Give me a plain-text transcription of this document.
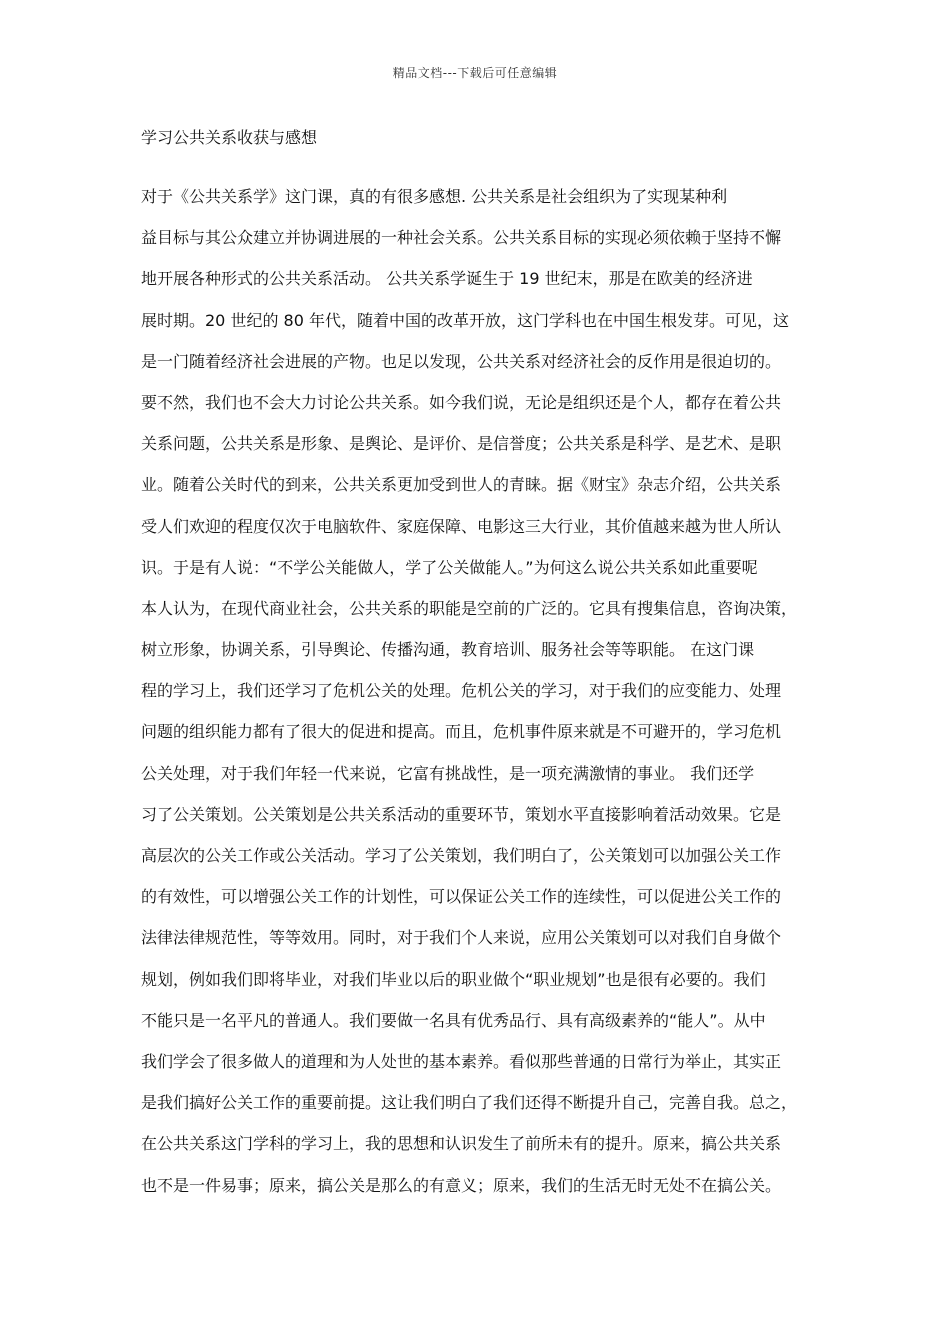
精品文档---下载后可任意编辑
学习公共关系收获与感想
对于《公共关系学》这门课，真的有很多感想. 公共关系是社会组织为了实现某种利
益目标与其公众建立并协调进展的一种社会关系。公共关系目标的实现必须依赖于坚持不懈
地开展各种形式的公共关系活动。 公共关系学诞生于 19 世纪末，那是在欧美的经济进
展时期。20 世纪的 80 年代，随着中国的改革开放，这门学科也在中国生根发芽。可见，这
是一门随着经济社会进展的产物。也足以发现，公共关系对经济社会的反作用是很迫切的。
要不然，我们也不会大力讨论公共关系。如今我们说，无论是组织还是个人，都存在着公共
关系问题，公共关系是形象、是舆论、是评价、是信誉度；公共关系是科学、是艺术、是职
业。随着公关时代的到来，公共关系更加受到世人的青睐。据《财宝》杂志介绍，公共关系
受人们欢迎的程度仅次于电脑软件、家庭保障、电影这三大行业，其价值越来越为世人所认
识。于是有人说：“不学公关能做人，学了公关做能人。”为何这么说公共关系如此重要呢
本人认为，在现代商业社会，公共关系的职能是空前的广泛的。它具有搜集信息，咨询决策，
树立形象，协调关系，引导舆论、传播沟通，教育培训、服务社会等等职能。 在这门课
程的学习上，我们还学习了危机公关的处理。危机公关的学习，对于我们的应变能力、处理
问题的组织能力都有了很大的促进和提高。而且，危机事件原来就是不可避开的，学习危机
公关处理，对于我们年轻一代来说，它富有挑战性，是一项充满激情的事业。 我们还学
习了公关策划。公关策划是公共关系活动的重要环节，策划水平直接影响着活动效果。它是
高层次的公关工作或公关活动。学习了公关策划，我们明白了，公关策划可以加强公关工作
的有效性，可以增强公关工作的计划性，可以保证公关工作的连续性，可以促进公关工作的
法律法律规范性，等等效用。同时，对于我们个人来说，应用公关策划可以对我们自身做个
规划，例如我们即将毕业，对我们毕业以后的职业做个“职业规划”也是很有必要的。我们
不能只是一名平凡的普通人。我们要做一名具有优秀品行、具有高级素养的“能人”。从中
我们学会了很多做人的道理和为人处世的基本素养。看似那些普通的日常行为举止，其实正
是我们搞好公关工作的重要前提。这让我们明白了我们还得不断提升自己，完善自我。总之，
在公共关系这门学科的学习上，我的思想和认识发生了前所未有的提升。原来，搞公共关系
也不是一件易事；原来，搞公关是那么的有意义；原来，我们的生活无时无处不在搞公关。
